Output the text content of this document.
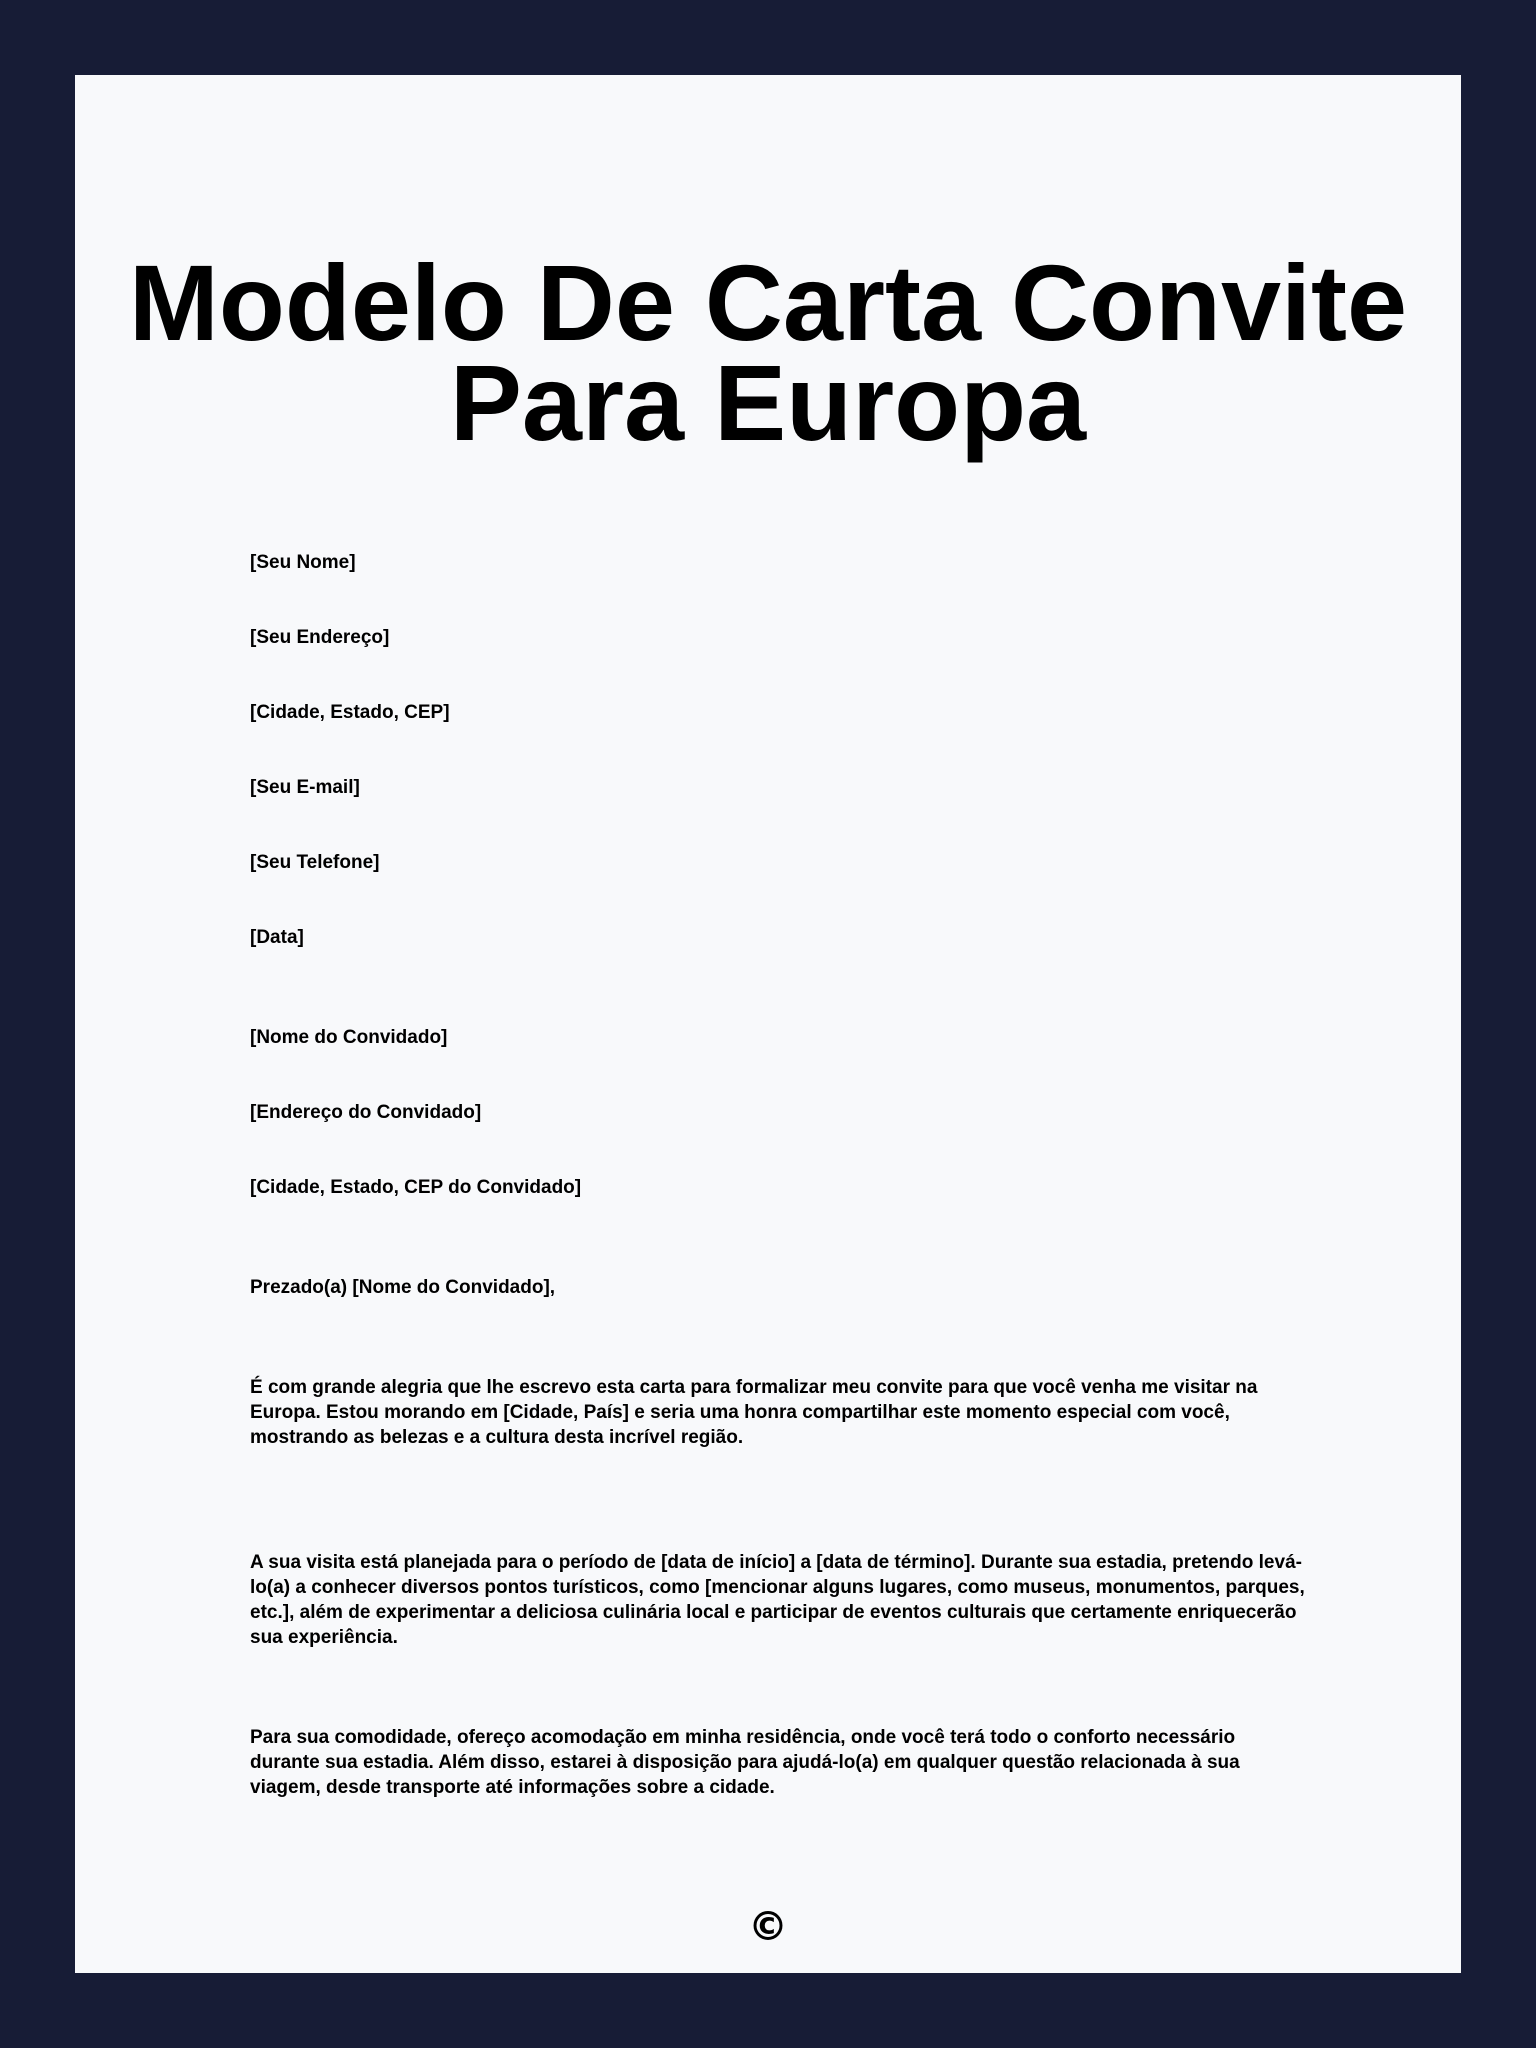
Modelo De Carta Convite Para Europa
[Seu Nome]
[Seu Endereço]
[Cidade, Estado, CEP]
[Seu E-mail]
[Seu Telefone]
[Data]
[Nome do Convidado]
[Endereço do Convidado]
[Cidade, Estado, CEP do Convidado]
Prezado(a) [Nome do Convidado],

É com grande alegria que lhe escrevo esta carta para formalizar meu convite para que você venha me visitar na Europa. Estou morando em [Cidade, País] e seria uma honra compartilhar este momento especial com você, mostrando as belezas e a cultura desta incrível região.

A sua visita está planejada para o período de [data de início] a [data de término]. Durante sua estadia, pretendo levá-lo(a) a conhecer diversos pontos turísticos, como [mencionar alguns lugares, como museus, monumentos, parques, etc.], além de experimentar a deliciosa culinária local e participar de eventos culturais que certamente enriquecerão sua experiência.

Para sua comodidade, ofereço acomodação em minha residência, onde você terá todo o conforto necessário durante sua estadia. Além disso, estarei à disposição para ajudá-lo(a) em qualquer questão relacionada à sua viagem, desde transporte até informações sobre a cidade.

©
